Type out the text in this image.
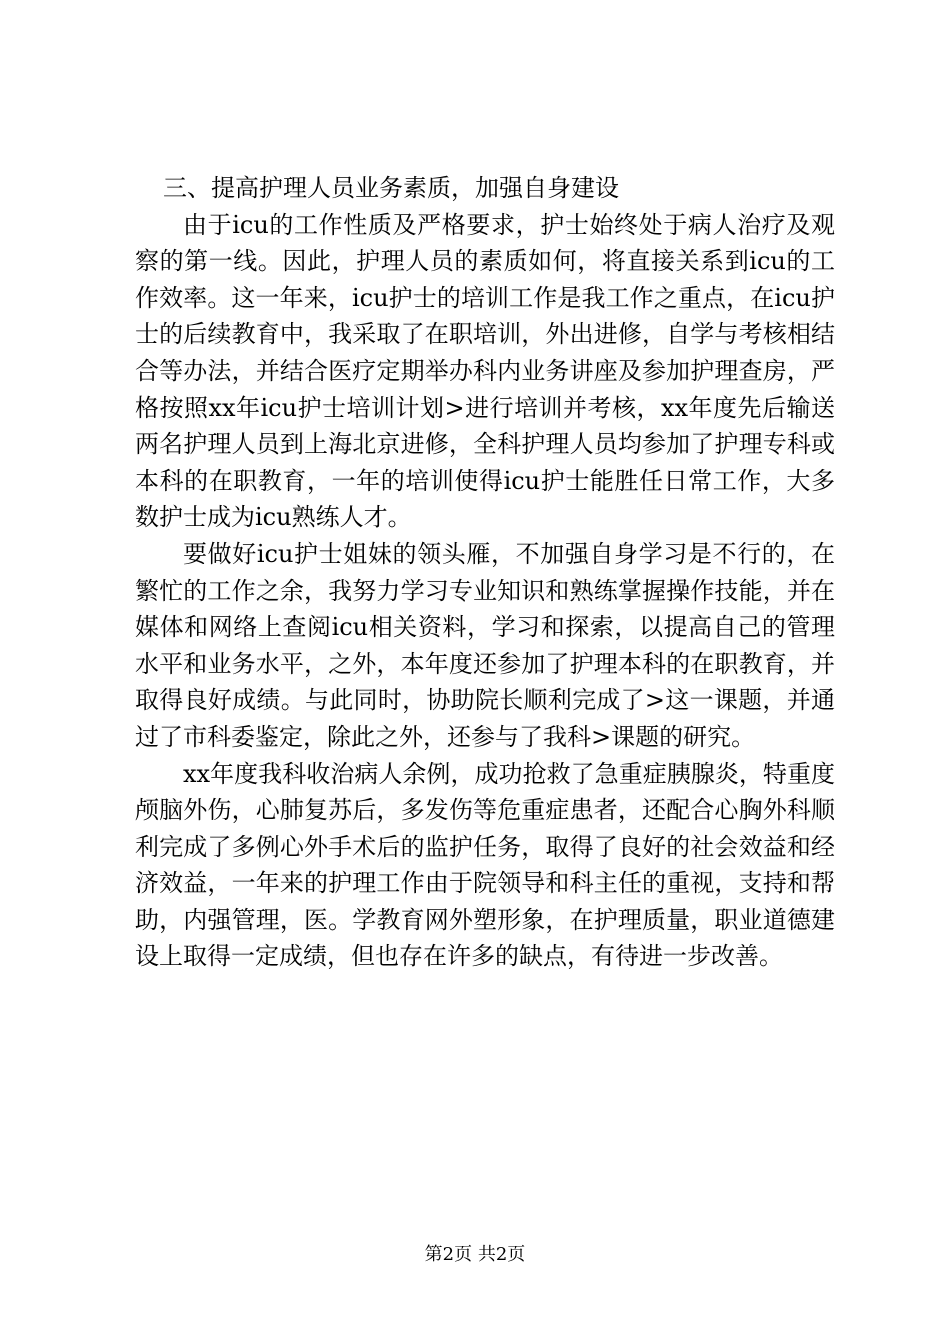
三、提高护理人员业务素质，加强自身建设

由于icu的工作性质及严格要求，护士始终处于病人治疗及观察的第一线。因此，护理人员的素质如何，将直接关系到icu的工作效率。这一年来，icu护士的培训工作是我工作之重点，在icu护士的后续教育中，我采取了在职培训，外出进修，自学与考核相结合等办法，并结合医疗定期举办科内业务讲座及参加护理查房，严格按照xx年icu护士培训计划>进行培训并考核，xx年度先后输送两名护理人员到上海北京进修，全科护理人员均参加了护理专科或本科的在职教育，一年的培训使得icu护士能胜任日常工作，大多数护士成为icu熟练人才。

要做好icu护士姐妹的领头雁，不加强自身学习是不行的，在繁忙的工作之余，我努力学习专业知识和熟练掌握操作技能，并在媒体和网络上查阅icu相关资料，学习和探索，以提高自己的管理水平和业务水平，之外，本年度还参加了护理本科的在职教育，并取得良好成绩。与此同时，协助院长顺利完成了>这一课题，并通过了市科委鉴定，除此之外，还参与了我科>课题的研究。

xx年度我科收治病人余例，成功抢救了急重症胰腺炎，特重度颅脑外伤，心肺复苏后，多发伤等危重症患者，还配合心胸外科顺利完成了多例心外手术后的监护任务，取得了良好的社会效益和经济效益，一年来的护理工作由于院领导和科主任的重视，支持和帮助，内强管理，医。学教育网外塑形象，在护理质量，职业道德建设上取得一定成绩，但也存在许多的缺点，有待进一步改善。

第2页 共2页
